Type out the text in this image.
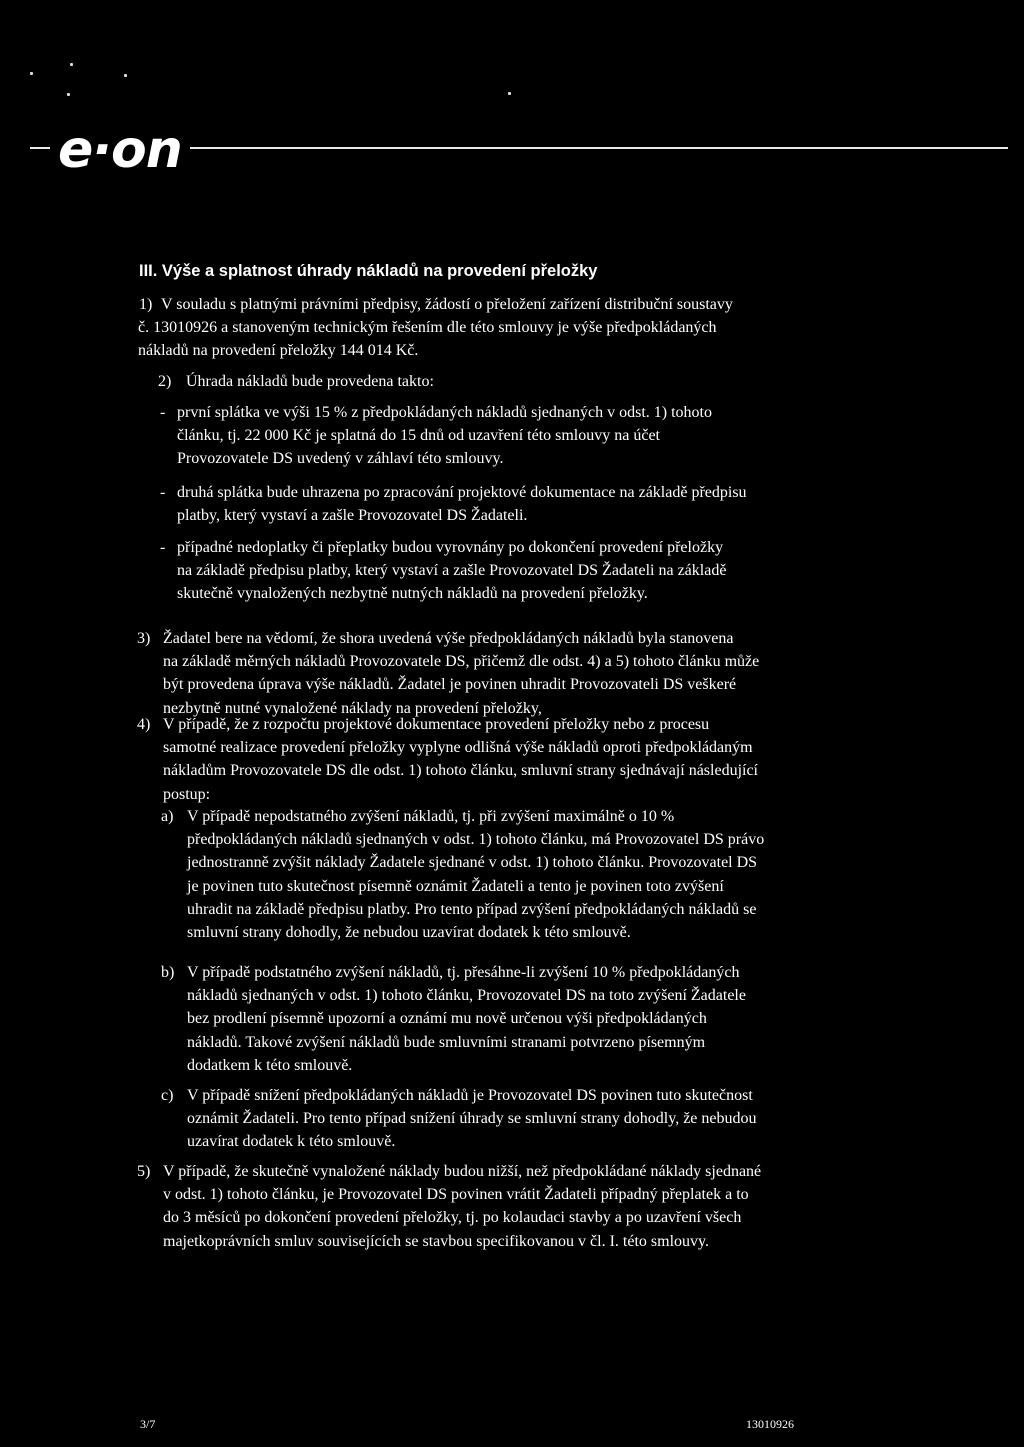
e·on
III. Výše a splatnost úhrady nákladů na provedení přeložky
1) V souladu s platnými právními předpisy, žádostí o přeložení zařízení distribuční soustavy
č. 13010926 a stanoveným technickým řešením dle této smlouvy je výše předpokládaných
nákladů na provedení přeložky 144 014 Kč.

2) Úhrada nákladů bude provedena takto:

- první splátka ve výši 15 % z předpokládaných nákladů sjednaných v odst. 1) tohoto
článku, tj. 22 000 Kč je splatná do 15 dnů od uzavření této smlouvy na účet
Provozovatele DS uvedený v záhlaví této smlouvy.

- druhá splátka bude uhrazena po zpracování projektové dokumentace na základě předpisu
platby, který vystaví a zašle Provozovatel DS Žadateli.

- případné nedoplatky či přeplatky budou vyrovnány po dokončení provedení přeložky
na základě předpisu platby, který vystaví a zašle Provozovatel DS Žadateli na základě
skutečně vynaložených nezbytně nutných nákladů na provedení přeložky.

3) Žadatel bere na vědomí, že shora uvedená výše předpokládaných nákladů byla stanovena
na základě měrných nákladů Provozovatele DS, přičemž dle odst. 4) a 5) tohoto článku může
být provedena úprava výše nákladů. Žadatel je povinen uhradit Provozovateli DS veškeré
nezbytně nutné vynaložené náklady na provedení přeložky,

4) V případě, že z rozpočtu projektové dokumentace provedení přeložky nebo z procesu
samotné realizace provedení přeložky vyplyne odlišná výše nákladů oproti předpokládaným
nákladům Provozovatele DS dle odst. 1) tohoto článku, smluvní strany sjednávají následující
postup:

a) V případě nepodstatného zvýšení nákladů, tj. při zvýšení maximálně o 10 %
předpokládaných nákladů sjednaných v odst. 1) tohoto článku, má Provozovatel DS právo
jednostranně zvýšit náklady Žadatele sjednané v odst. 1) tohoto článku. Provozovatel DS
je povinen tuto skutečnost písemně oznámit Žadateli a tento je povinen toto zvýšení
uhradit na základě předpisu platby. Pro tento případ zvýšení předpokládaných nákladů se
smluvní strany dohodly, že nebudou uzavírat dodatek k této smlouvě.

b) V případě podstatného zvýšení nákladů, tj. přesáhne-li zvýšení 10 % předpokládaných
nákladů sjednaných v odst. 1) tohoto článku, Provozovatel DS na toto zvýšení Žadatele
bez prodlení písemně upozorní a oznámí mu nově určenou výši předpokládaných
nákladů. Takové zvýšení nákladů bude smluvními stranami potvrzeno písemným
dodatkem k této smlouvě.

c) V případě snížení předpokládaných nákladů je Provozovatel DS povinen tuto skutečnost
oznámit Žadateli. Pro tento případ snížení úhrady se smluvní strany dohodly, že nebudou
uzavírat dodatek k této smlouvě.

5) V případě, že skutečně vynaložené náklady budou nižší, než předpokládané náklady sjednané
v odst. 1) tohoto článku, je Provozovatel DS povinen vrátit Žadateli případný přeplatek a to
do 3 měsíců po dokončení provedení přeložky, tj. po kolaudaci stavby a po uzavření všech
majetkoprávních smluv souvisejících se stavbou specifikovanou v čl. I. této smlouvy.

3/7	13010926
